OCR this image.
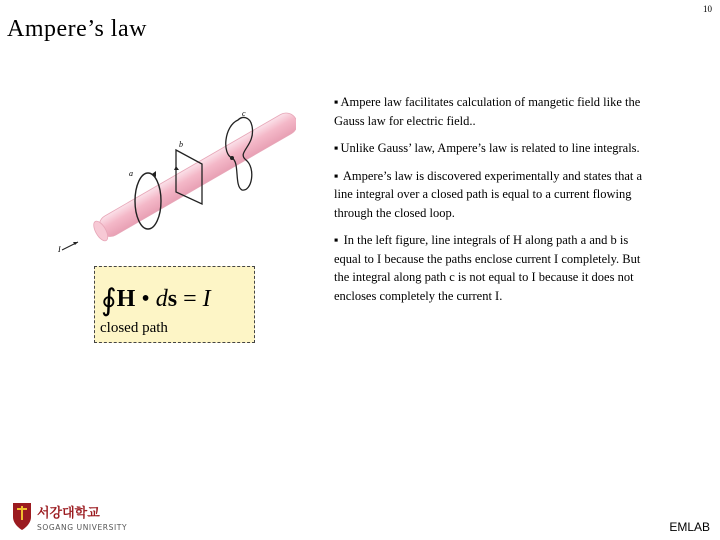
10
Ampere’s law
a
b
c
I
∮H • ds = I
closed path

▪ Ampere law facilitates calculation of mangetic field like the Gauss law for electric field..

▪ Unlike Gauss’ law, Ampere’s law is related to line integrals.

▪ Ampere’s law is discovered experimentally and states that a line integral over a closed path is equal to a current flowing through the closed loop.

▪ In the left figure, line integrals of H along path a and b is equal to I because the paths enclose current I completely. But the integral along path c is not equal to I because it does not encloses completely the current I.

서강대학교
SOGANG UNIVERSITY	EMLAB
